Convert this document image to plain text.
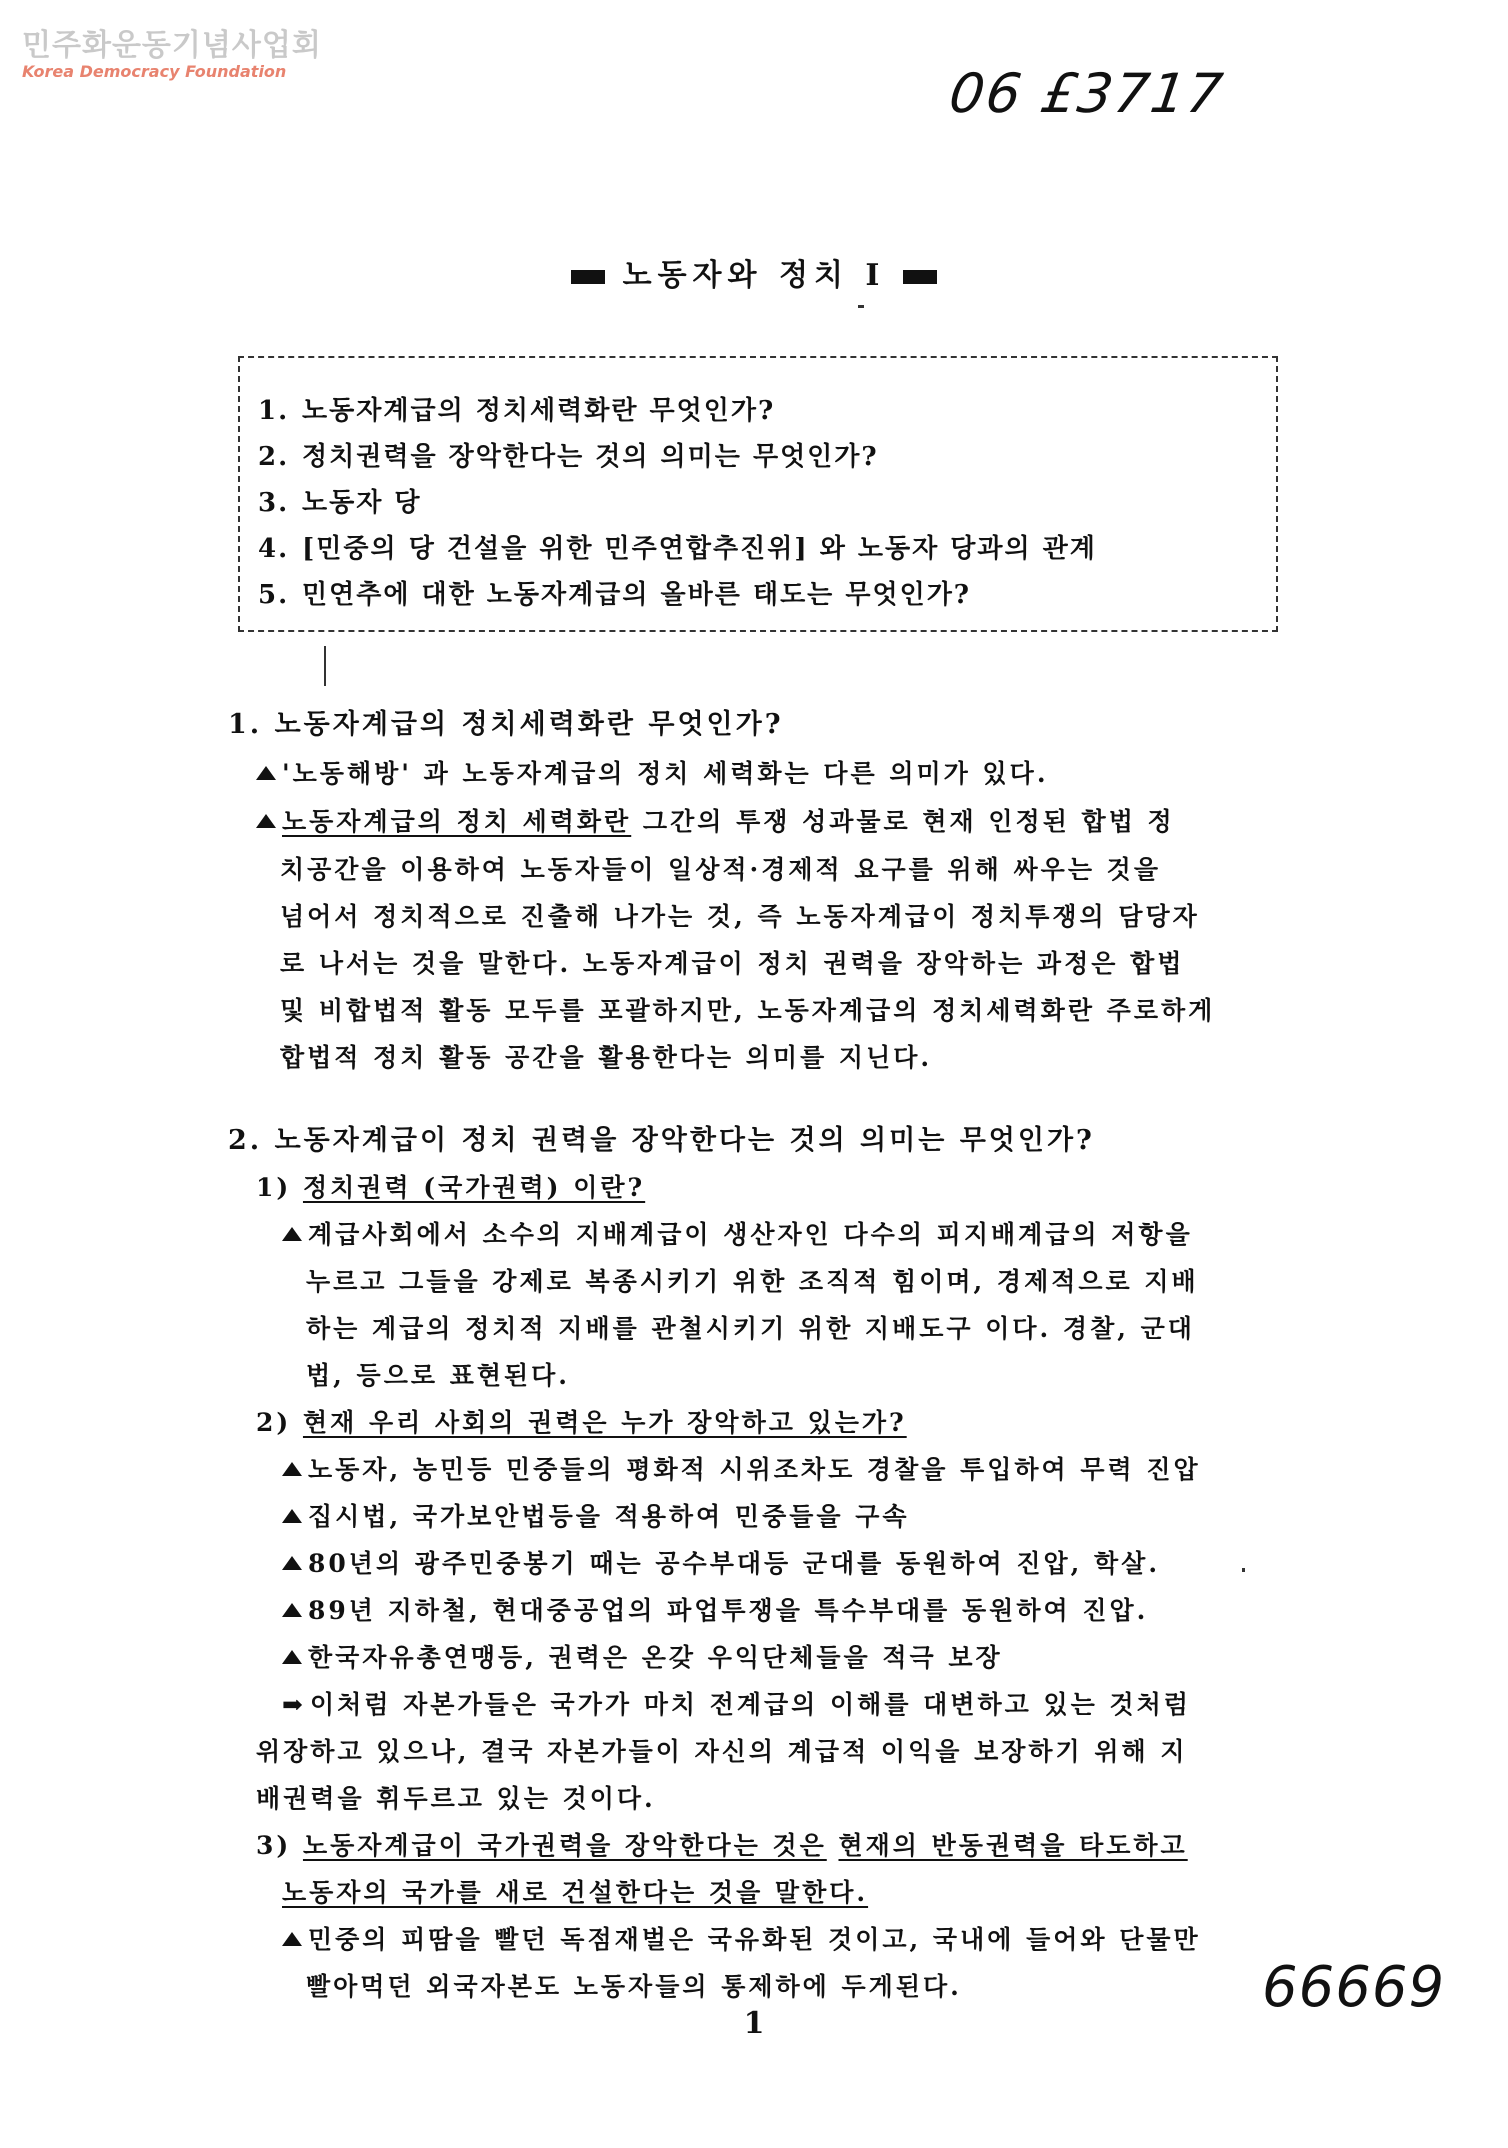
민주화운동기념사업회
Korea Democracy Foundation	06 £3717
노동자와 정치 Ⅰ
1. 노동자계급의 정치세력화란 무엇인가?
2. 정치권력을 장악한다는 것의 의미는 무엇인가?
3. 노동자 당
4. [민중의 당 건설을 위한 민주연합추진위] 와 노동자 당과의 관계
5. 민연추에 대한 노동자계급의 올바른 태도는 무엇인가?
1. 노동자계급의 정치세력화란 무엇인가?
'노동해방' 과 노동자계급의 정치 세력화는 다른 의미가 있다.
노동자계급의 정치 세력화란 그간의 투쟁 성과물로 현재 인정된 합법 정
치공간을 이용하여 노동자들이 일상적·경제적 요구를 위해 싸우는 것을
넘어서 정치적으로 진출해 나가는 것, 즉 노동자계급이 정치투쟁의 담당자
로 나서는 것을 말한다. 노동자계급이 정치 권력을 장악하는 과정은 합법
및 비합법적 활동 모두를 포괄하지만, 노동자계급의 정치세력화란 주로하게
합법적 정치 활동 공간을 활용한다는 의미를 지닌다.
2. 노동자계급이 정치 권력을 장악한다는 것의 의미는 무엇인가?
1) 정치권력 (국가권력) 이란?
계급사회에서 소수의 지배계급이 생산자인 다수의 피지배계급의 저항을
누르고 그들을 강제로 복종시키기 위한 조직적 힘이며, 경제적으로 지배
하는 계급의 정치적 지배를 관철시키기 위한 지배도구 이다. 경찰, 군대
법, 등으로 표현된다.
2) 현재 우리 사회의 권력은 누가 장악하고 있는가?
노동자, 농민등 민중들의 평화적 시위조차도 경찰을 투입하여 무력 진압
집시법, 국가보안법등을 적용하여 민중들을 구속
80년의 광주민중봉기 때는 공수부대등 군대를 동원하여 진압, 학살.
89년 지하철, 현대중공업의 파업투쟁을 특수부대를 동원하여 진압.
한국자유총연맹등, 권력은 온갖 우익단체들을 적극 보장
➡ 이처럼 자본가들은 국가가 마치 전계급의 이해를 대변하고 있는 것처럼
위장하고 있으나, 결국 자본가들이 자신의 계급적 이익을 보장하기 위해 지
배권력을 휘두르고 있는 것이다.
3) 노동자계급이 국가권력을 장악한다는 것은 현재의 반동권력을 타도하고
노동자의 국가를 새로 건설한다는 것을 말한다.
민중의 피땀을 빨던 독점재벌은 국유화된 것이고, 국내에 들어와 단물만
빨아먹던 외국자본도 노동자들의 통제하에 두게된다.
1
66669
